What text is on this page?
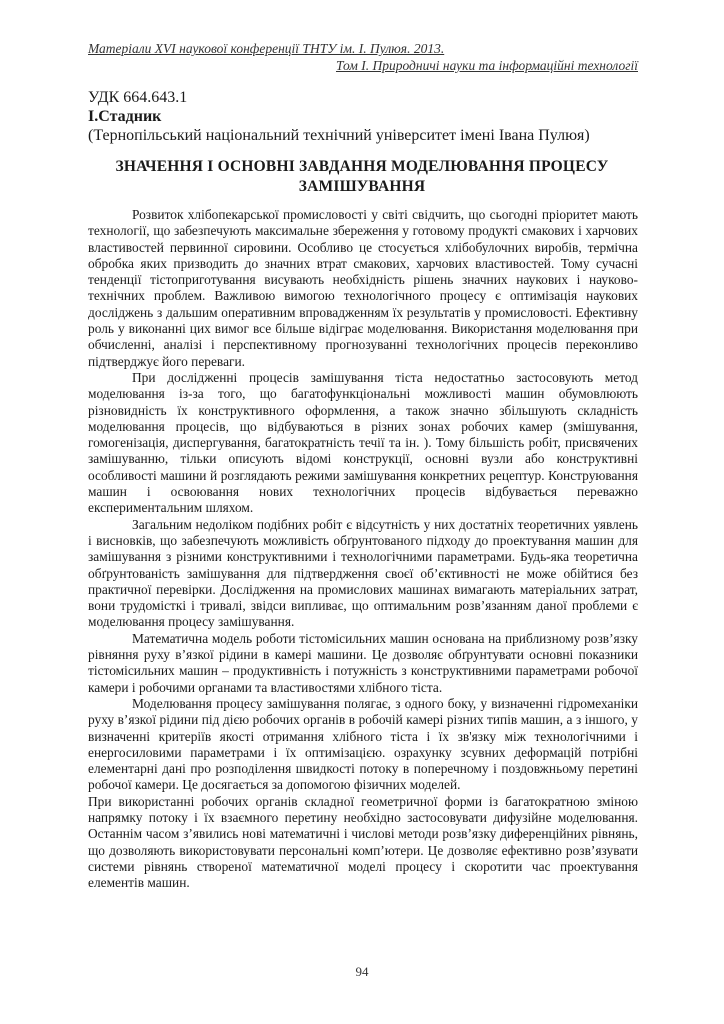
Матеріали XVІ наукової конференції ТНТУ ім. І. Пулюя. 2013.
Том І. Природничі науки та інформаційні технології
УДК 664.643.1
І.Стадник
(Тернопільський національний технічний університет імені Івана Пулюя)
ЗНАЧЕННЯ І ОСНОВНІ ЗАВДАННЯ МОДЕЛЮВАННЯ ПРОЦЕСУ ЗАМІШУВАННЯ

Розвиток хлібопекарської промисловості у світі свідчить, що сьогодні пріоритет мають технології, що забезпечують максимальне збереження у готовому продукті смакових і харчових властивостей первинної сировини. Особливо це стосується хлібобулочних виробів, термічна обробка яких призводить до значних втрат смакових, харчових властивостей. Тому сучасні тенденції тістоприготування висувають необхідність рішень значних наукових і науково-технічних проблем. Важливою вимогою технологічного процесу є оптимізація наукових досліджень з дальшим оперативним впровадженням їх результатів у промисловості. Ефективну роль у виконанні цих вимог все більше відіграє моделювання. Використання моделювання при обчисленні, аналізі і перспективному прогнозуванні технологічних процесів переконливо підтверджує його переваги.

При дослідженні процесів замішування тіста недостатньо застосовують метод моделювання із-за того, що багатофункціональні можливості машин обумовлюють різновидність їх конструктивного оформлення, а також значно збільшують складність моделювання процесів, що відбуваються в різних зонах робочих камер (змішування, гомогенізація, диспергування, багатократність течії та ін. ). Тому більшість робіт, присвячених замішуванню, тільки описують відомі конструкції, основні вузли або конструктивні особливості машини й розглядають режими замішування конкретних рецептур. Конструювання машин і освоювання нових технологічних процесів відбувається переважно експериментальним шляхом.

Загальним недоліком подібних робіт є відсутність у них достатніх теоретичних уявлень і висновків, що забезпечують можливість обґрунтованого підходу до проектування машин для замішування з різними конструктивними і технологічними параметрами. Будь-яка теоретична обґрунтованість замішування для підтвердження своєї об’єктивності не може обійтися без практичної перевірки. Дослідження на промислових машинах вимагають матеріальних затрат, вони трудомісткі і тривалі, звідси випливає, що оптимальним розв’язанням даної проблеми є моделювання процесу замішування.

Математична модель роботи тістомісильних машин основана на приблизному розв’язку рівняння руху в’язкої рідини в камері машини. Це дозволяє обґрунтувати основні показники тістомісильних машин – продуктивність і потужність з конструктивними параметрами робочої камери і робочими органами та властивостями хлібного тіста.

Моделювання процесу замішування полягає, з одного боку, у визначенні гідромеханіки руху в’язкої рідини під дією робочих органів в робочій камері різних типів машин, а з іншого, у визначенні критеріїв якості отримання хлібного тіста і їх зв'язку між технологічними і енергосиловими параметрами і їх оптимізацією. озрахунку зсувних деформацій потрібні елементарні дані про розподілення швидкості потоку в поперечному і поздовжньому перетині робочої камери. Це досягається за допомогою фізичних моделей.

При використанні робочих органів складної геометричної форми із багатократною зміною напрямку потоку і їх взаємного перетину необхідно застосовувати дифузійне моделювання. Останнім часом з’явились нові математичні і числові методи розв’язку диференційних рівнянь, що дозволяють використовувати персональні комп’ютери. Це дозволяє ефективно розв’язувати системи рівнянь створеної математичної моделі процесу і скоротити час проектування елементів машин.

94
